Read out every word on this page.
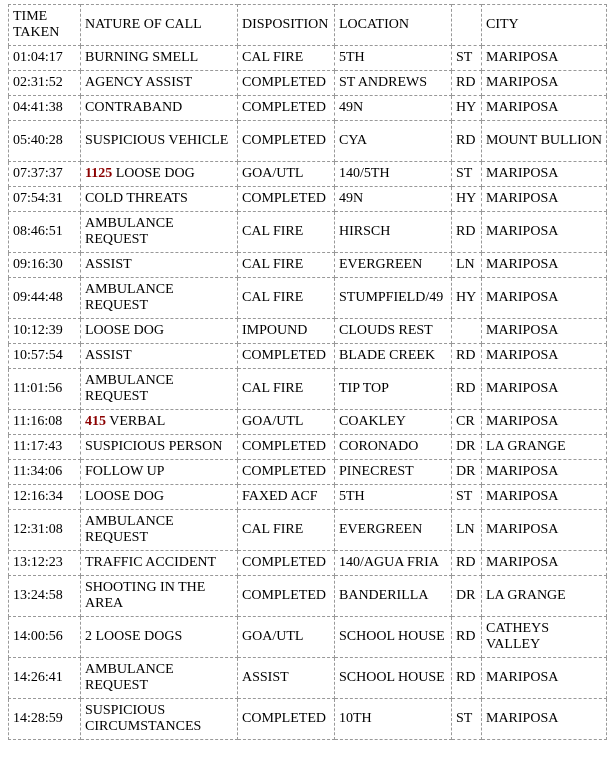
TIME TAKEN	NATURE OF CALL	DISPOSITION	LOCATION		CITY
01:04:17	BURNING SMELL	CAL FIRE	5TH	ST	MARIPOSA
02:31:52	AGENCY ASSIST	COMPLETED	ST ANDREWS	RD	MARIPOSA
04:41:38	CONTRABAND	COMPLETED	49N	HY	MARIPOSA
05:40:28	SUSPICIOUS VEHICLE	COMPLETED	CYA	RD	MOUNT BULLION
07:37:37	1125 LOOSE DOG	GOA/UTL	140/5TH	ST	MARIPOSA
07:54:31	COLD THREATS	COMPLETED	49N	HY	MARIPOSA
08:46:51	AMBULANCE REQUEST	CAL FIRE	HIRSCH	RD	MARIPOSA
09:16:30	ASSIST	CAL FIRE	EVERGREEN	LN	MARIPOSA
09:44:48	AMBULANCE REQUEST	CAL FIRE	STUMPFIELD/49	HY	MARIPOSA
10:12:39	LOOSE DOG	IMPOUND	CLOUDS REST		MARIPOSA
10:57:54	ASSIST	COMPLETED	BLADE CREEK	RD	MARIPOSA
11:01:56	AMBULANCE REQUEST	CAL FIRE	TIP TOP	RD	MARIPOSA
11:16:08	415 VERBAL	GOA/UTL	COAKLEY	CR	MARIPOSA
11:17:43	SUSPICIOUS PERSON	COMPLETED	CORONADO	DR	LA GRANGE
11:34:06	FOLLOW UP	COMPLETED	PINECREST	DR	MARIPOSA
12:16:34	LOOSE DOG	FAXED ACF	5TH	ST	MARIPOSA
12:31:08	AMBULANCE REQUEST	CAL FIRE	EVERGREEN	LN	MARIPOSA
13:12:23	TRAFFIC ACCIDENT	COMPLETED	140/AGUA FRIA	RD	MARIPOSA
13:24:58	SHOOTING IN THE AREA	COMPLETED	BANDERILLA	DR	LA GRANGE
14:00:56	2 LOOSE DOGS	GOA/UTL	SCHOOL HOUSE	RD	CATHEYS VALLEY
14:26:41	AMBULANCE REQUEST	ASSIST	SCHOOL HOUSE	RD	MARIPOSA
14:28:59	SUSPICIOUS CIRCUMSTANCES	COMPLETED	10TH	ST	MARIPOSA
